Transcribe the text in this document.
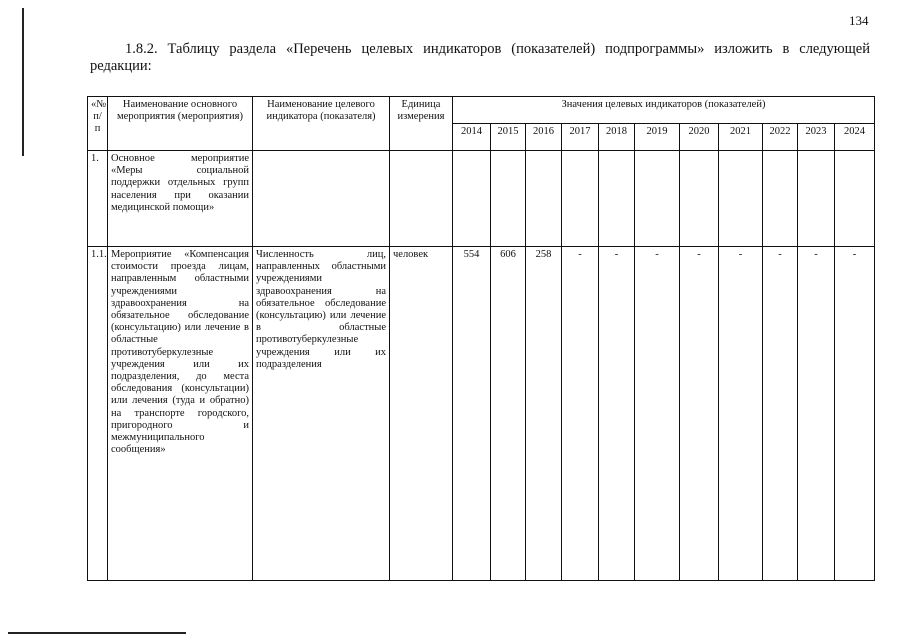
134

1.8.2. Таблицу раздела «Перечень целевых индикаторов (показателей) подпрограммы» изложить в следующей редакции:

«№ п/п	Наименование основного мероприятия (мероприятия)	Наименование целевого индикатора (показателя)	Единица измерения	Значения целевых индикаторов (показателей)										
				2014	2015	2016	2017	2018	2019	2020	2021	2022	2023	2024
1.	Основное мероприятие «Меры социальной поддержки отдельных групп населения при оказании медицинской помощи»													
1.1.	Мероприятие «Компенсация стоимости проезда лицам, направленным областными учреждениями здравоохранения на обязательное обследование (консультацию) или лечение в областные противотуберкулезные учреждения или их подразделения, до места обследования (консультации) или лечения (туда и обратно) на транспорте городского, пригородного и межмуниципального сообщения»	Численность лиц, направленных областными учреждениями здравоохранения на обязательное обследование (консультацию) или лечение в областные противотуберкулезные учреждения или их подразделения	человек	554	606	258	-	-	-	-	-	-	-	-
